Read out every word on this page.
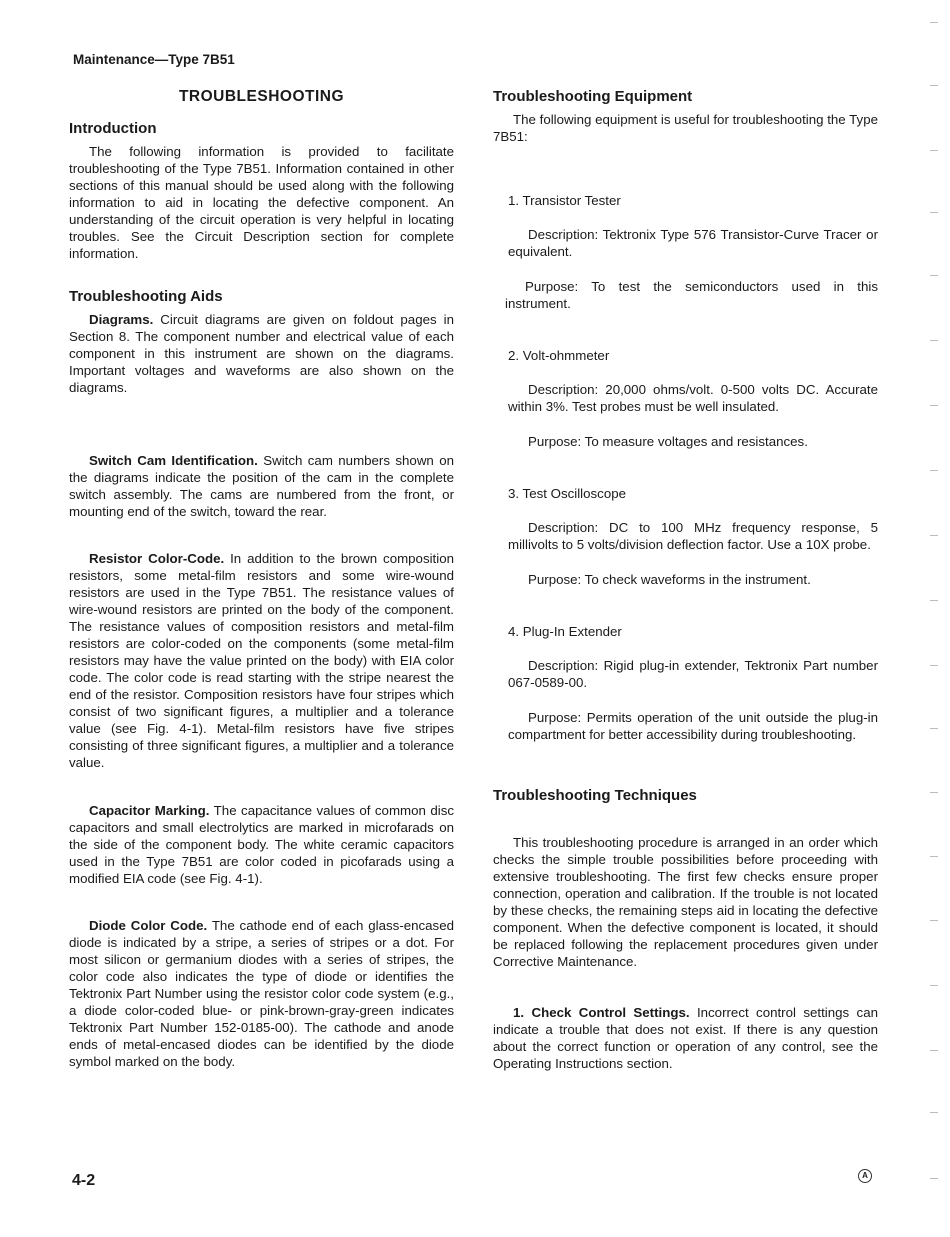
Maintenance—Type 7B51
TROUBLESHOOTING
Introduction

The following information is provided to facilitate troubleshooting of the Type 7B51. Information contained in other sections of this manual should be used along with the following information to aid in locating the defective component. An understanding of the circuit operation is very helpful in locating troubles. See the Circuit Description section for complete information.

Troubleshooting Aids

Diagrams. Circuit diagrams are given on foldout pages in Section 8. The component number and electrical value of each component in this instrument are shown on the diagrams. Important voltages and waveforms are also shown on the diagrams.

Switch Cam Identification. Switch cam numbers shown on the diagrams indicate the position of the cam in the complete switch assembly. The cams are numbered from the front, or mounting end of the switch, toward the rear.

Resistor Color-Code. In addition to the brown composition resistors, some metal-film resistors and some wire-wound resistors are used in the Type 7B51. The resistance values of wire-wound resistors are printed on the body of the component. The resistance values of composition resistors and metal-film resistors are color-coded on the components (some metal-film resistors may have the value printed on the body) with EIA color code. The color code is read starting with the stripe nearest the end of the resistor. Composition resistors have four stripes which consist of two significant figures, a multiplier and a tolerance value (see Fig. 4-1). Metal-film resistors have five stripes consisting of three significant figures, a multiplier and a tolerance value.

Capacitor Marking. The capacitance values of common disc capacitors and small electrolytics are marked in microfarads on the side of the component body. The white ceramic capacitors used in the Type 7B51 are color coded in picofarads using a modified EIA code (see Fig. 4-1).

Diode Color Code. The cathode end of each glass-encased diode is indicated by a stripe, a series of stripes or a dot. For most silicon or germanium diodes with a series of stripes, the color code also indicates the type of diode or identifies the Tektronix Part Number using the resistor color code system (e.g., a diode color-coded blue- or pink-brown-gray-green indicates Tektronix Part Number 152-0185-00). The cathode and anode ends of metal-encased diodes can be identified by the diode symbol marked on the body.

Troubleshooting Equipment

The following equipment is useful for troubleshooting the Type 7B51:

1. Transistor Tester

Description: Tektronix Type 576 Transistor-Curve Tracer or equivalent.

Purpose: To test the semiconductors used in this instrument.

2. Volt-ohmmeter

Description: 20,000 ohms/volt. 0-500 volts DC. Accurate within 3%. Test probes must be well insulated.

Purpose: To measure voltages and resistances.

3. Test Oscilloscope

Description: DC to 100 MHz frequency response, 5 millivolts to 5 volts/division deflection factor. Use a 10X probe.

Purpose: To check waveforms in the instrument.

4. Plug-In Extender

Description: Rigid plug-in extender, Tektronix Part number 067-0589-00.

Purpose: Permits operation of the unit outside the plug-in compartment for better accessibility during troubleshooting.

Troubleshooting Techniques

This troubleshooting procedure is arranged in an order which checks the simple trouble possibilities before proceeding with extensive troubleshooting. The first few checks ensure proper connection, operation and calibration. If the trouble is not located by these checks, the remaining steps aid in locating the defective component. When the defective component is located, it should be replaced following the replacement procedures given under Corrective Maintenance.

1. Check Control Settings. Incorrect control settings can indicate a trouble that does not exist. If there is any question about the correct function or operation of any control, see the Operating Instructions section.

4-2	A
